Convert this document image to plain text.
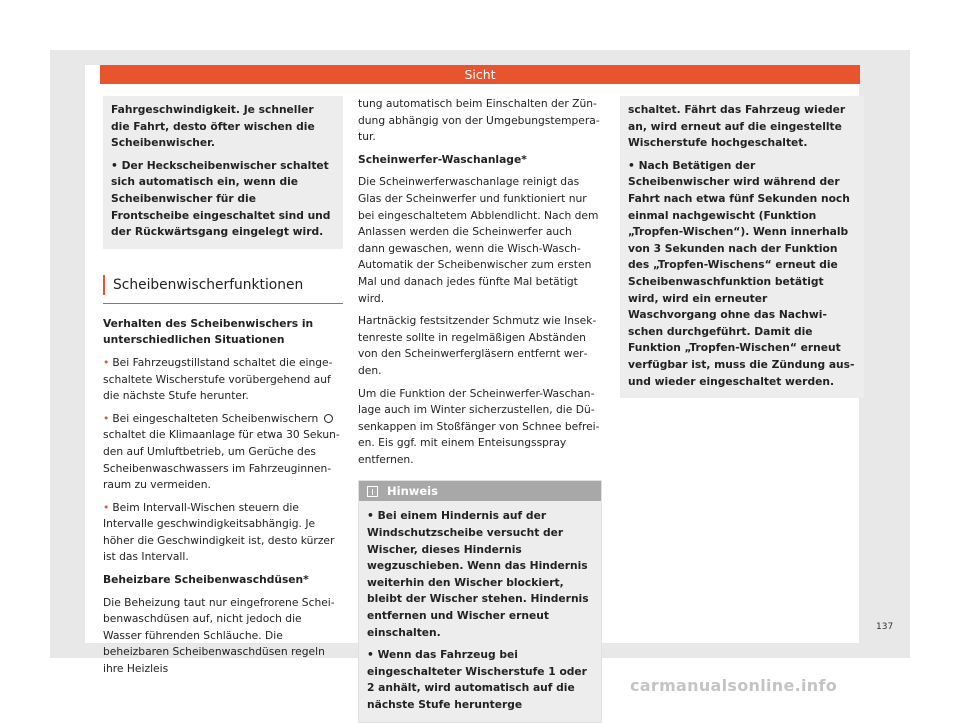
Sicht

Fahrgeschwindigkeit. Je schneller die Fahrt, desto öfter wischen die Scheibenwischer.

• Der Heckscheibenwischer schaltet sich automatisch ein, wenn die Scheibenwischer für die Frontscheibe eingeschaltet sind und der Rückwärtsgang eingelegt wird.

Scheibenwischerfunktionen

Verhalten des Scheibenwischers in unterschiedlichen Situationen

• Bei Fahrzeugstillstand schaltet die eingeschaltete Wischerstufe vorübergehend auf die nächste Stufe herunter.

• Bei eingeschalteten Scheibenwischern  schaltet die Klimaanlage für etwa 30 Sekunden auf Umluftbetrieb, um Gerüche des Scheibenwaschwassers im Fahrzeuginnenraum zu vermeiden.

• Beim Intervall-Wischen steuern die Intervalle geschwindigkeitsabhängig. Je höher die Geschwindigkeit ist, desto kürzer ist das Intervall.

Beheizbare Scheibenwaschdüsen*

Die Beheizung taut nur eingefrorene Scheibenwaschdüsen auf, nicht jedoch die Wasser führenden Schläuche. Die beheizbaren Scheibenwaschdüsen regeln ihre Heizleis

tung automatisch beim Einschalten der Zündung abhängig von der Umgebungstemperatur.

Scheinwerfer-Waschanlage*

Die Scheinwerferwaschanlage reinigt das Glas der Scheinwerfer und funktioniert nur bei eingeschaltetem Abblendlicht. Nach dem Anlassen werden die Scheinwerfer auch dann gewaschen, wenn die Wisch-Wasch-Automatik der Scheibenwischer zum ersten Mal und danach jedes fünfte Mal betätigt wird.

Hartnäckig festsitzender Schmutz wie Insektenreste sollte in regelmäßigen Abständen von den Scheinwerfergläsern entfernt werden.

Um die Funktion der Scheinwerfer-Waschanlage auch im Winter sicherzustellen, die Düsenkappen im Stoßfänger von Schnee befreien. Eis ggf. mit einem Enteisungsspray entfernen.

Hinweis

• Bei einem Hindernis auf der Windschutzscheibe versucht der Wischer, dieses Hindernis wegzuschieben. Wenn das Hindernis weiterhin den Wischer blockiert, bleibt der Wischer stehen. Hindernis entfernen und Wischer erneut einschalten.

• Wenn das Fahrzeug bei eingeschalteter Wischerstufe 1 oder 2 anhält, wird automatisch auf die nächste Stufe herunterge

schaltet. Fährt das Fahrzeug wieder an, wird erneut auf die eingestellte Wischerstufe hochgeschaltet.

• Nach Betätigen der Scheibenwischer wird während der Fahrt nach etwa fünf Sekunden noch einmal nachgewischt (Funktion „Tropfen-Wischen“). Wenn innerhalb von 3 Sekunden nach der Funktion des „Tropfen-Wischens“ erneut die Scheibenwaschfunktion betätigt wird, wird ein erneuter Waschvorgang ohne das Nachwischen durchgeführt. Damit die Funktion „Tropfen-Wischen“ erneut verfügbar ist, muss die Zündung aus- und wieder eingeschaltet werden.

137
carmanualsonline.info
